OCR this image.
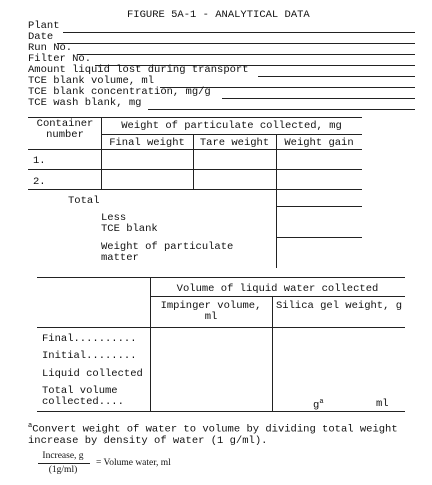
FIGURE 5A-1 - ANALYTICAL DATA
Plant
Date
Run No.
Filter No.
Amount liquid lost during transport
TCE blank volume, ml
TCE blank concentration, mg/g
TCE wash blank, mg
Container number
Weight of particulate collected, mg
Final weight	Tare weight	Weight gain
1.
2.
Total
Less
TCE blank
Weight of particulate matter
Volume of liquid water collected
Impinger volume, ml
Silica gel weight, g
Final..........
Initial........
Liquid collected
Total volume collected....	$g^a$	ml
$^a$Convert weight of water to volume by dividing total weight increase by density of water (1 g/ml).
Increase, g
(1g/ml)
= Volume water, ml
